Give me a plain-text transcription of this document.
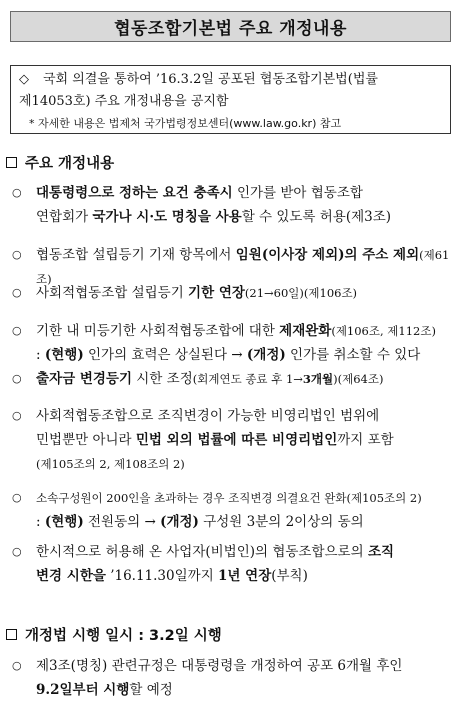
협동조합기본법 주요 개정내용
◇	국회 의결을 통하여 ’16.3.2일 공포된 협동조합기본법(법률
제14053호) 주요 개정내용을 공지함
* 자세한 내용은 법제처 국가법령정보센터(www.law.go.kr) 참고
주요 개정내용
○	대통령령으로 정하는 요건 충족시 인가를 받아 협동조합
연합회가 국가나 시·도 명칭을 사용할 수 있도록 허용(제3조)
○	협동조합 설립등기 기재 항목에서 임원(이사장 제외)의 주소 제외(제61조)
○	사회적협동조합 설립등기 기한 연장(21→60일)(제106조)
○	기한 내 미등기한 사회적협동조합에 대한 제재완화(제106조, 제112조)
: (현행) 인가의 효력은 상실된다 → (개정) 인가를 취소할 수 있다
○	출자금 변경등기 시한 조정(회계연도 종료 후 1→3개월)(제64조)
○	사회적협동조합으로 조직변경이 가능한 비영리법인 범위에
민법뿐만 아니라 민법 외의 법률에 따른 비영리법인까지 포함
(제105조의 2, 제108조의 2)
○	소속구성원이 200인을 초과하는 경우 조직변경 의결요건 완화(제105조의 2)
: (현행) 전원동의 → (개정) 구성원 3분의 2이상의 동의
○	한시적으로 허용해 온 사업자(비법인)의 협동조합으로의 조직
변경 시한을 ’16.11.30일까지 1년 연장(부칙)
개정법 시행 일시 : 3.2일 시행
○	제3조(명칭) 관련규정은 대통령령을 개정하여 공포 6개월 후인
9.2일부터 시행할 예정
